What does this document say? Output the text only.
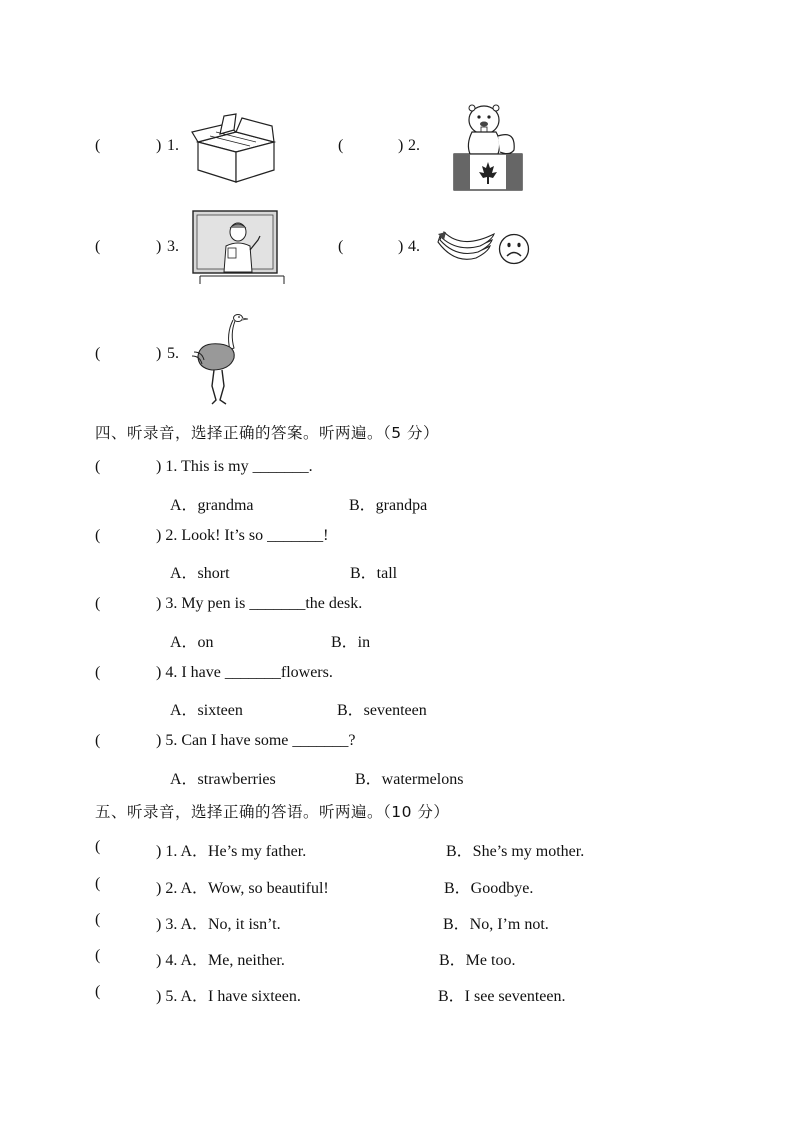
(	) 1.	(	) 2.
(	) 3.	(	) 4.
(	) 5.
四、听录音，选择正确的答案。听两遍。（5 分）
(	) 1. This is my _______.
A．grandma	B．grandpa
(	) 2. Look! It’s so _______!
A．short	B．tall
(	) 3. My pen is _______the desk.
A．on	B．in
(	) 4. I have _______flowers.
A．sixteen	B．seventeen
(	) 5. Can I have some _______?
A．strawberries	B．watermelons
五、听录音，选择正确的答语。听两遍。（10 分）
(	) 1. A．He’s my father.	B．She’s my mother.
(	) 2. A．Wow, so beautiful!	B．Goodbye.
(	) 3. A．No, it isn’t.	B．No, I’m not.
(	) 4. A．Me, neither.	B．Me too.
(	) 5. A．I have sixteen.	B．I see seventeen.
